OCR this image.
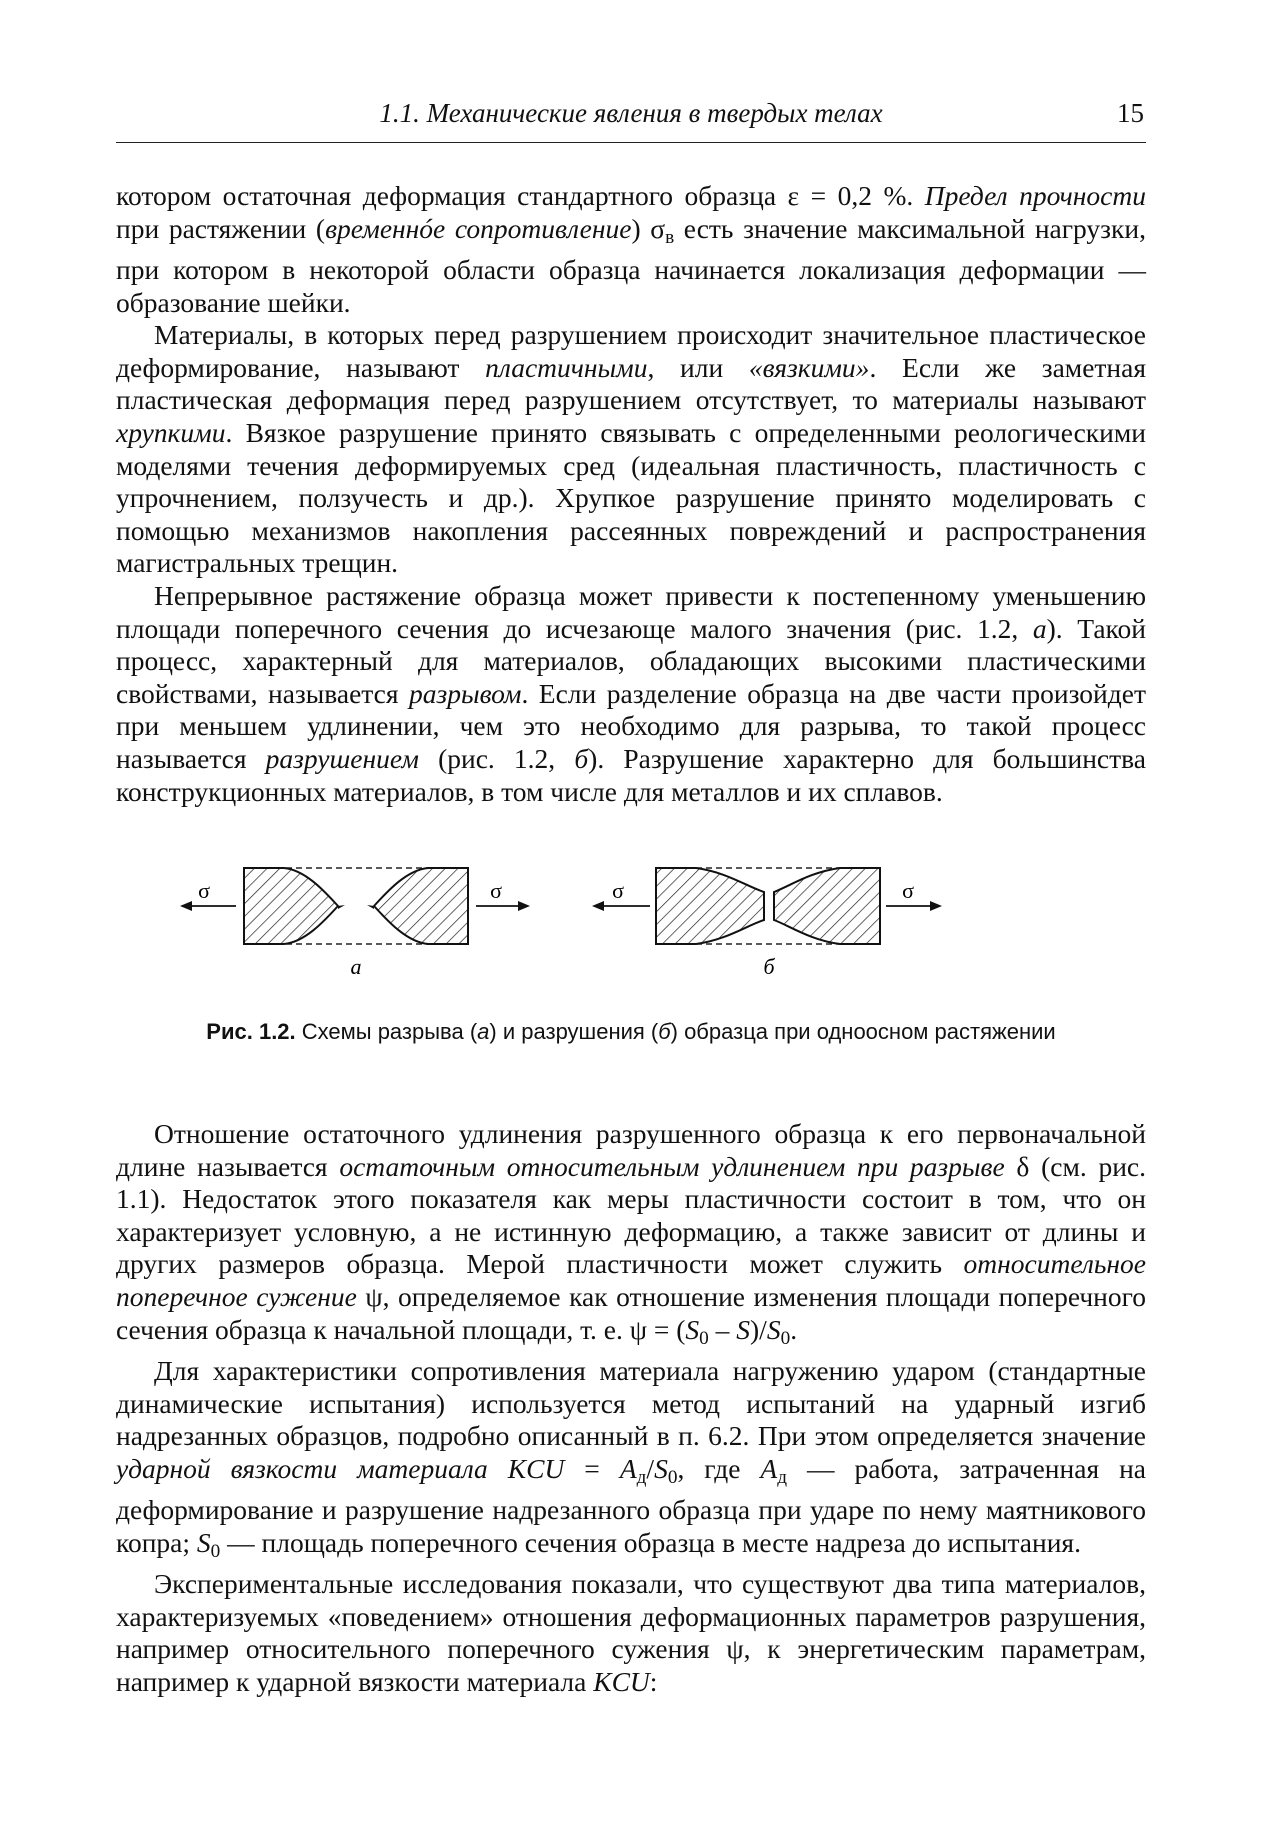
1.1. Механические явления в твердых телах	15

котором остаточная деформация стандартного образца ε = 0,2 %. Предел прочности при растяжении (временнóе сопротивление) $\sigma_в$ есть значение максимальной нагрузки, при котором в некоторой области образца начинается локализация деформации — образование шейки.

Материалы, в которых перед разрушением происходит значительное пластическое деформирование, называют пластичными, или «вязкими». Если же заметная пластическая деформация перед разрушением отсутствует, то материалы называют хрупкими. Вязкое разрушение принято связывать с определенными реологическими моделями течения деформируемых сред (идеальная пластичность, пластичность с упрочнением, ползучесть и др.). Хрупкое разрушение принято моделировать с помощью механизмов накопления рассеянных повреждений и распространения магистральных трещин.

Непрерывное растяжение образца может привести к постепенному уменьшению площади поперечного сечения до исчезающе малого значения (рис. 1.2, а). Такой процесс, характерный для материалов, обладающих высокими пластическими свойствами, называется разрывом. Если разделение образца на две части произойдет при меньшем удлинении, чем это необходимо для разрыва, то такой процесс называется разрушением (рис. 1.2, б). Разрушение характерно для большинства конструкционных материалов, в том числе для металлов и их сплавов.

σ	σ	σ	σ
а	б
Рис. 1.2. Схемы разрыва (а) и разрушения (б) образца при одноосном растяжении

Отношение остаточного удлинения разрушенного образца к его первоначальной длине называется остаточным относительным удлинением при разрыве δ (см. рис. 1.1). Недостаток этого показателя как меры пластичности состоит в том, что он характеризует условную, а не истинную деформацию, а также зависит от длины и других размеров образца. Мерой пластичности может служить относительное поперечное сужение ψ, определяемое как отношение изменения площади поперечного сечения образца к начальной площади, т. е. $\psi = (S_0 - S)/S_0$.

Для характеристики сопротивления материала нагружению ударом (стандартные динамические испытания) используется метод испытаний на ударный изгиб надрезанных образцов, подробно описанный в п. 6.2. При этом определяется значение ударной вязкости материала KCU = $A_д/S_0$, где $A_д$ — работа, затраченная на деформирование и разрушение надрезанного образца при ударе по нему маятникового копра; $S_0$ — площадь поперечного сечения образца в месте надреза до испытания.

Экспериментальные исследования показали, что существуют два типа материалов, характеризуемых «поведением» отношения деформационных параметров разрушения, например относительного поперечного сужения ψ, к энергетическим параметрам, например к ударной вязкости материала KCU:
